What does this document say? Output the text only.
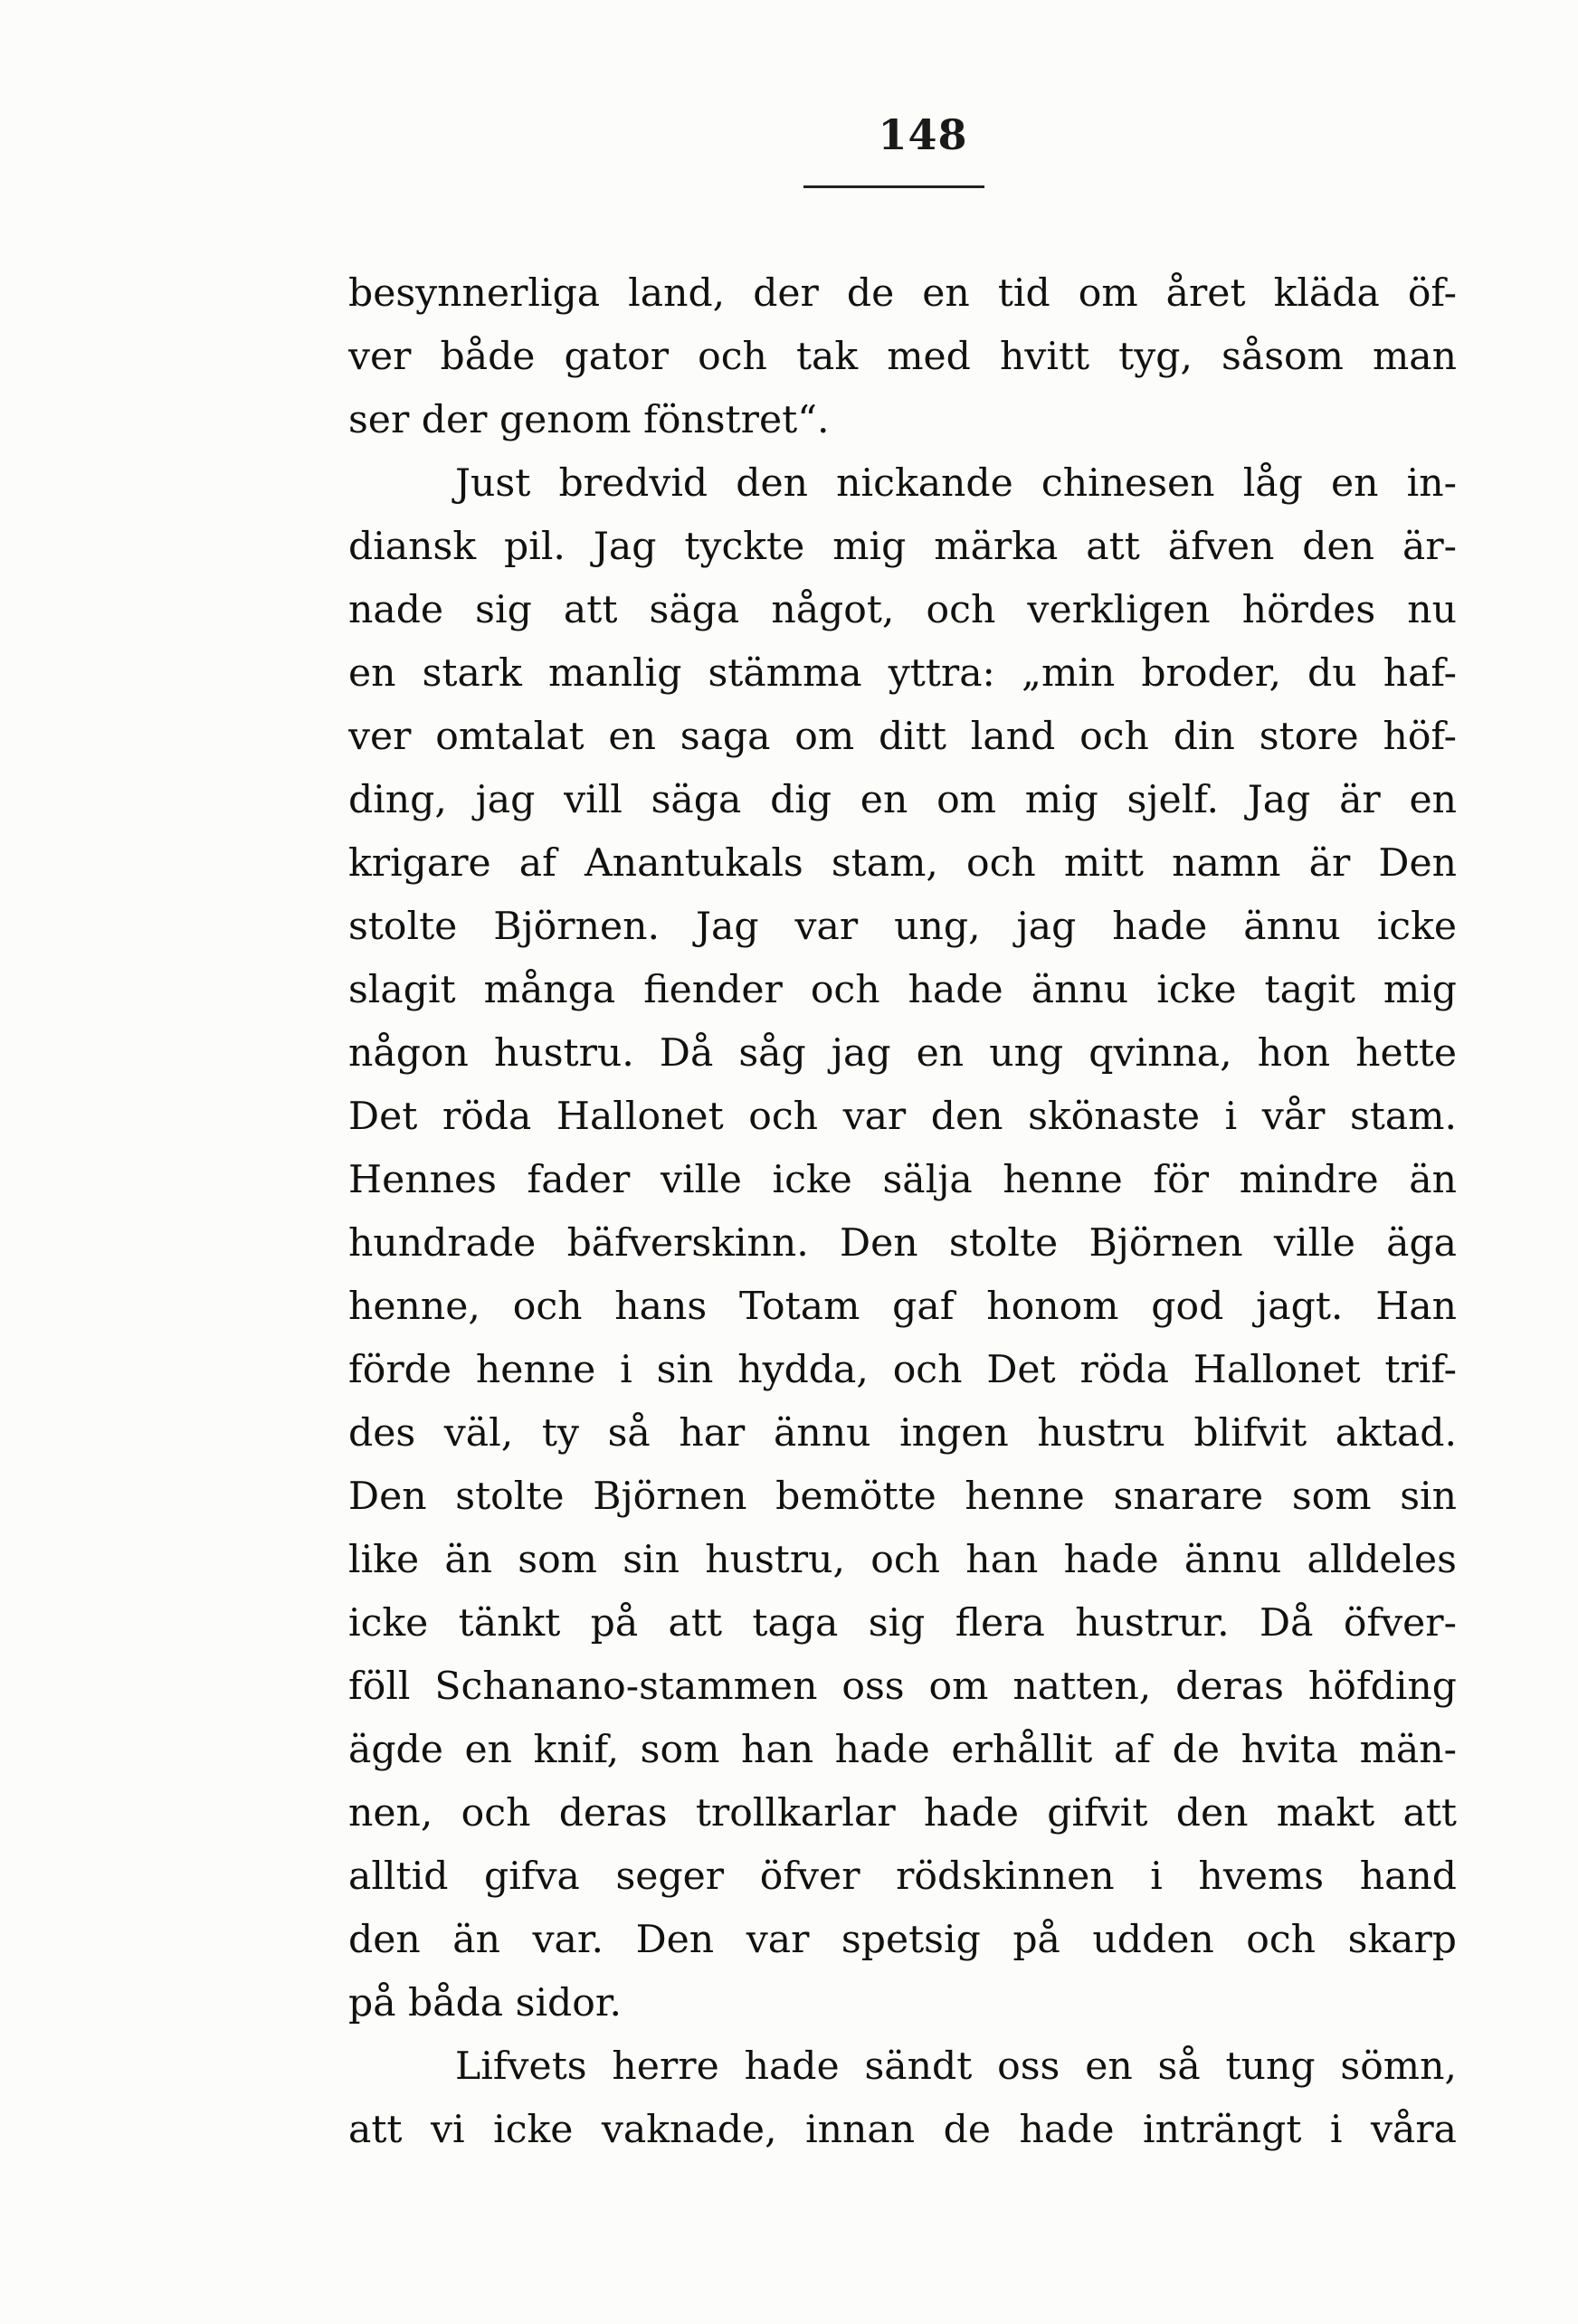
148
besynnerliga land, der de en tid om året kläda öf-
ver både gator och tak med hvitt tyg, såsom man
ser der genom fönstret“.
Just bredvid den nickande chinesen låg en in-
diansk pil. Jag tyckte mig märka att äfven den är-
nade sig att säga något, och verkligen hördes nu
en stark manlig stämma yttra: „min broder, du haf-
ver omtalat en saga om ditt land och din store höf-
ding, jag vill säga dig en om mig sjelf. Jag är en
krigare af Anantukals stam, och mitt namn är Den
stolte Björnen. Jag var ung, jag hade ännu icke
slagit många fiender och hade ännu icke tagit mig
någon hustru. Då såg jag en ung qvinna, hon hette
Det röda Hallonet och var den skönaste i vår stam.
Hennes fader ville icke sälja henne för mindre än
hundrade bäfverskinn. Den stolte Björnen ville äga
henne, och hans Totam gaf honom god jagt. Han
förde henne i sin hydda, och Det röda Hallonet trif-
des väl, ty så har ännu ingen hustru blifvit aktad.
Den stolte Björnen bemötte henne snarare som sin
like än som sin hustru, och han hade ännu alldeles
icke tänkt på att taga sig flera hustrur. Då öfver-
föll Schanano-stammen oss om natten, deras höfding
ägde en knif, som han hade erhållit af de hvita män-
nen, och deras trollkarlar hade gifvit den makt att
alltid gifva seger öfver rödskinnen i hvems hand
den än var. Den var spetsig på udden och skarp
på båda sidor.
Lifvets herre hade sändt oss en så tung sömn,
att vi icke vaknade, innan de hade inträngt i våra
